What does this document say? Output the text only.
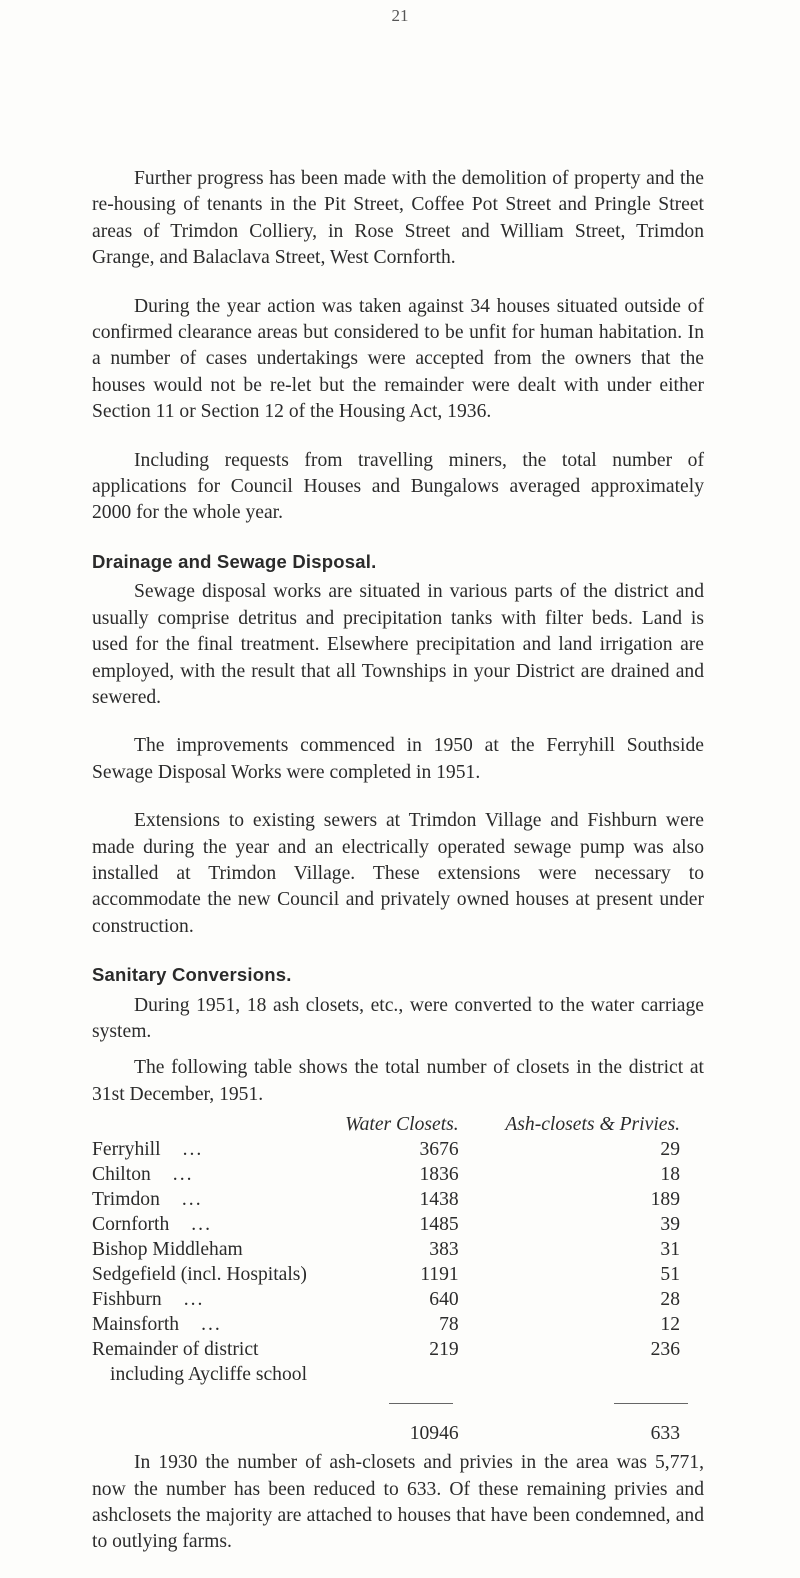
21

Further progress has been made with the demolition of property and the re-housing of tenants in the Pit Street, Coffee Pot Street and Pringle Street areas of Trimdon Colliery, in Rose Street and William Street, Trimdon Grange, and Balaclava Street, West Cornforth.

During the year action was taken against 34 houses situated outside of confirmed clearance areas but considered to be unfit for human habitation. In a number of cases undertakings were accepted from the owners that the houses would not be re-let but the remainder were dealt with under either Section 11 or Section 12 of the Housing Act, 1936.

Including requests from travelling miners, the total number of applications for Council Houses and Bungalows averaged approximately 2000 for the whole year.

Drainage and Sewage Disposal.

Sewage disposal works are situated in various parts of the district and usually comprise detritus and precipitation tanks with filter beds. Land is used for the final treatment. Elsewhere precipitation and land irrigation are employed, with the result that all Townships in your District are drained and sewered.

The improvements commenced in 1950 at the Ferryhill Southside Sewage Disposal Works were completed in 1951.

Extensions to existing sewers at Trimdon Village and Fishburn were made during the year and an electrically operated sewage pump was also installed at Trimdon Village. These extensions were necessary to accommodate the new Council and privately owned houses at present under construction.

Sanitary Conversions.

During 1951, 18 ash closets, etc., were converted to the water carriage system.

The following table shows the total number of closets in the district at 31st December, 1951.

	Water Closets.	Ash-closets & Privies.
Ferryhill ...	3676	29
Chilton ...	1836	18
Trimdon ...	1438	189
Cornforth ...	1485	39
Bishop Middleham	383	31
Sedgefield (incl. Hospitals)	1191	51
Fishburn ...	640	28
Mainsforth ...	78	12
Remainder of district	219	236
including Aycliffe school		

	10946	633

In 1930 the number of ash-closets and privies in the area was 5,771, now the number has been reduced to 633. Of these remaining privies and ashclosets the majority are attached to houses that have been condemned, and to outlying farms.
